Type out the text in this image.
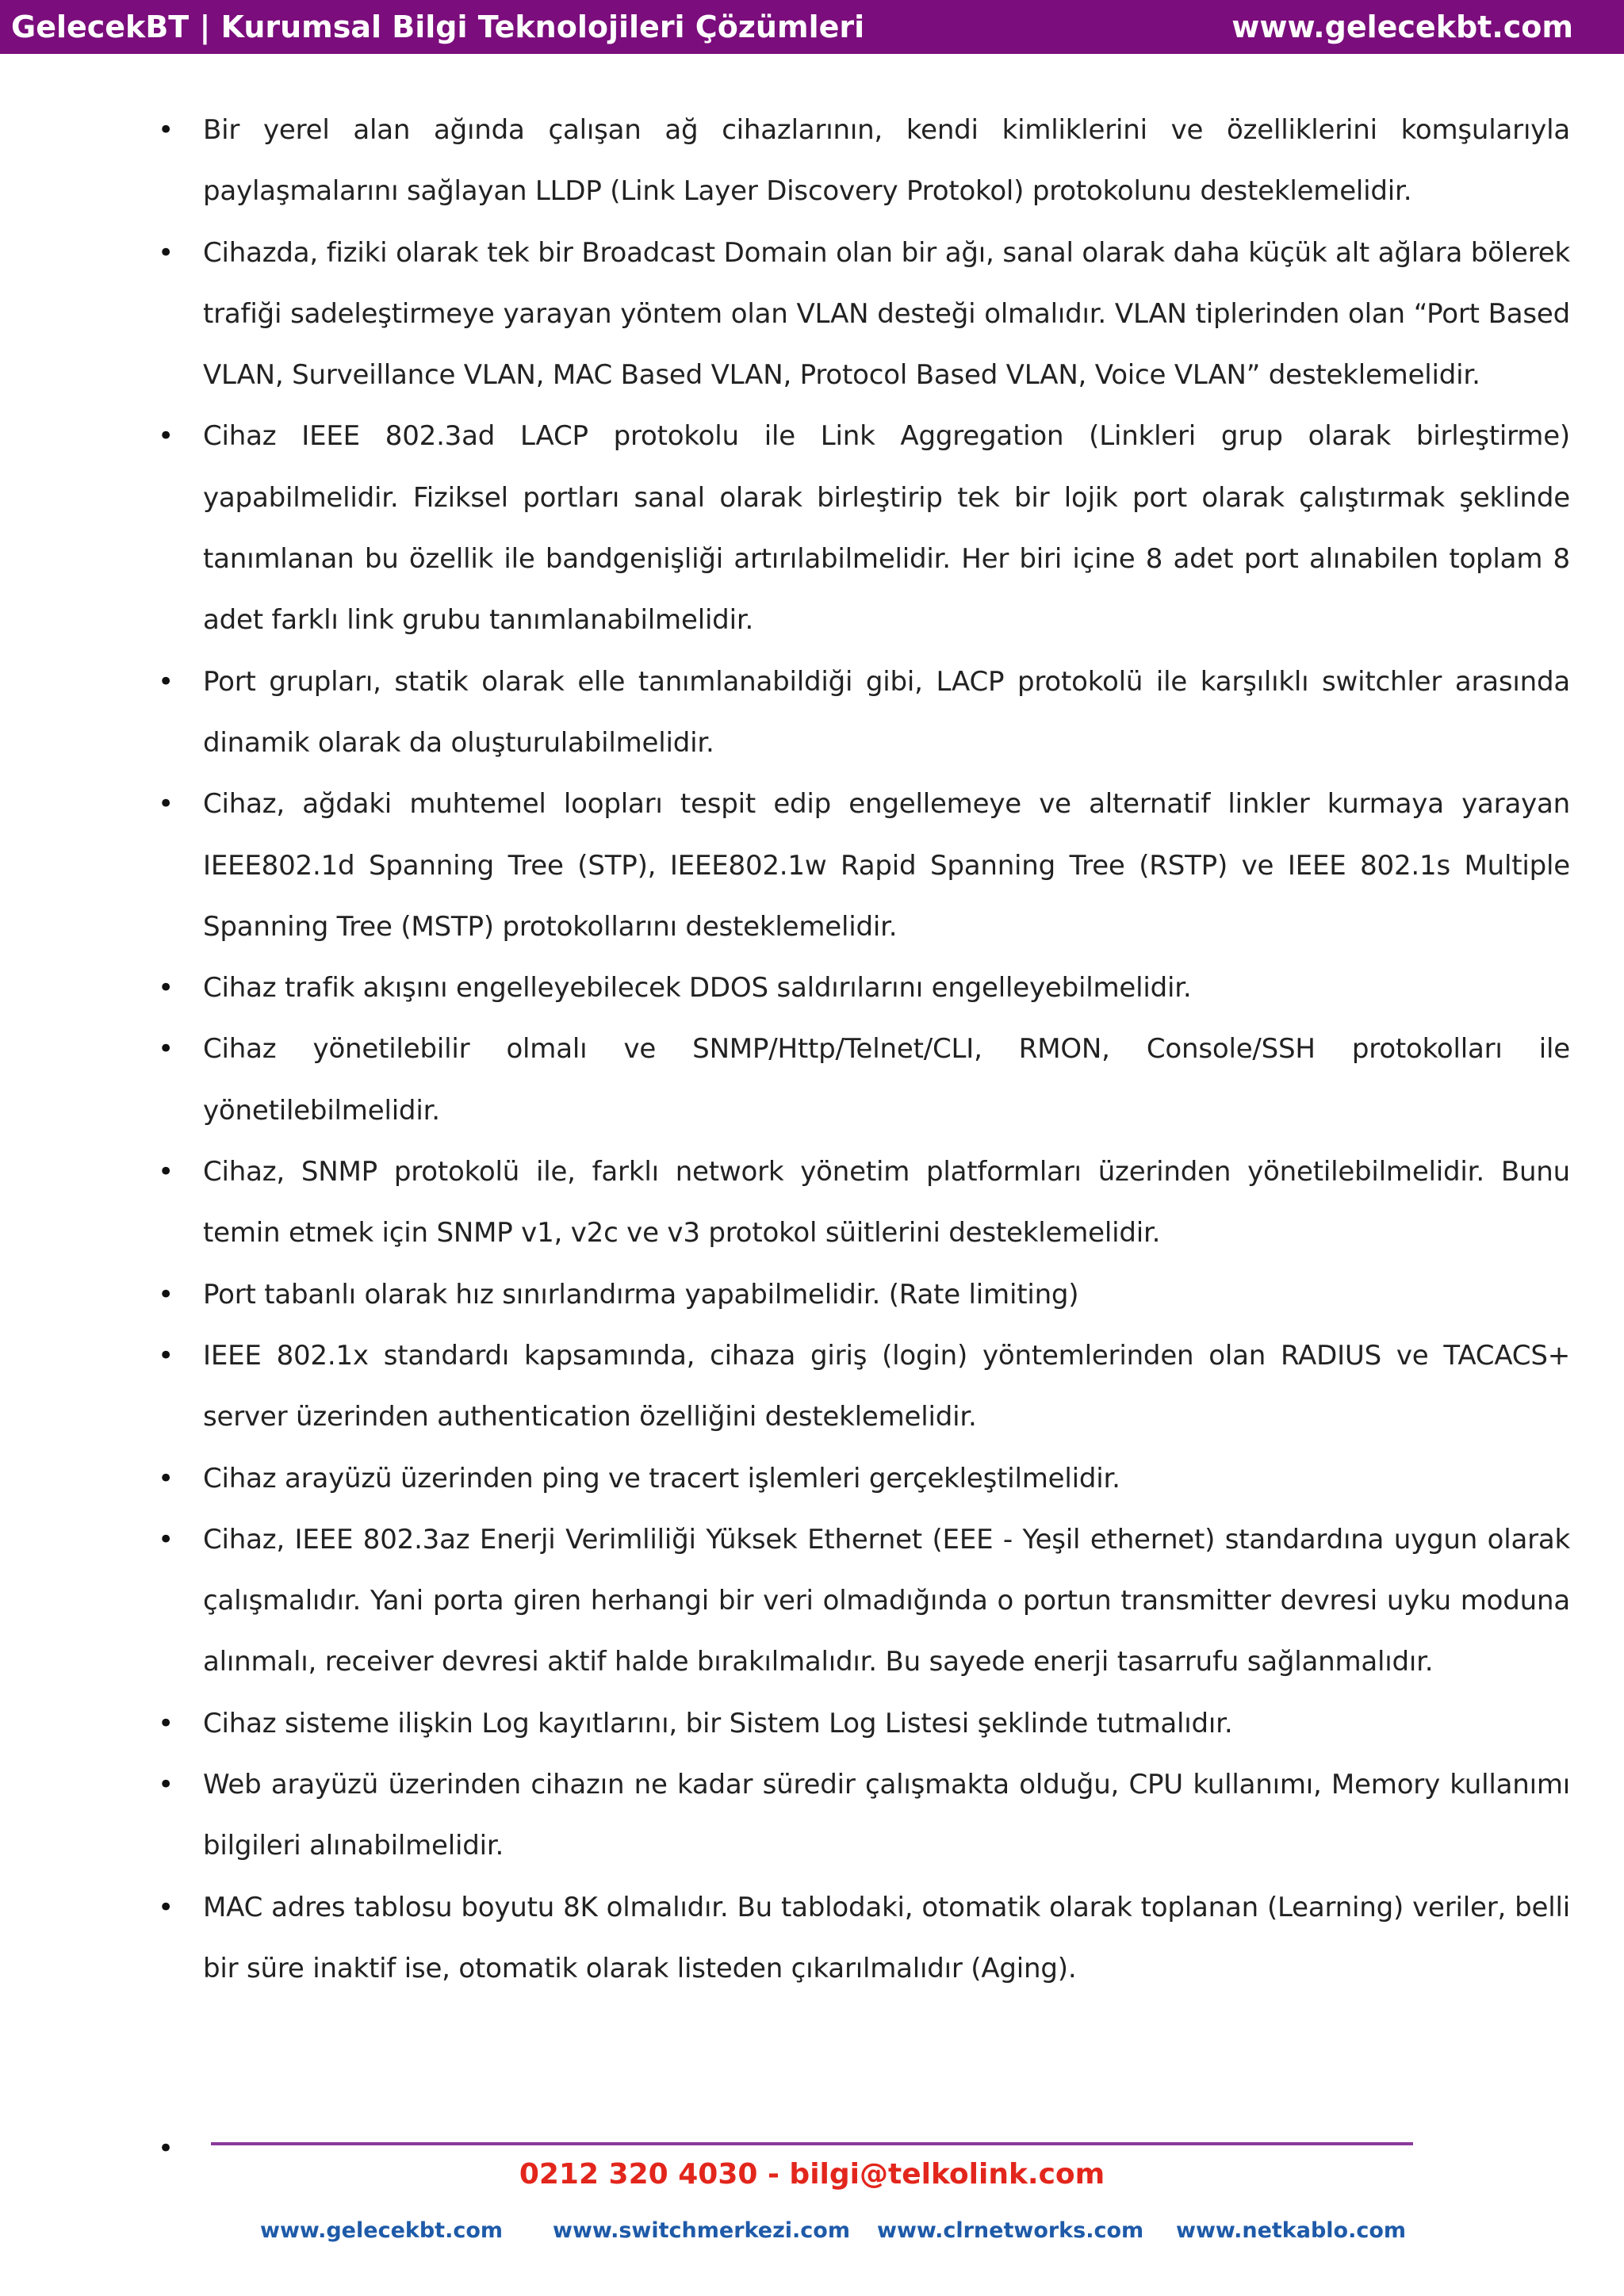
GelecekBT | Kurumsal Bilgi Teknolojileri Çözümleri	www.gelecekbt.com
• Bir yerel alan ağında çalışan ağ cihazlarının, kendi kimliklerini ve özelliklerini komşularıyla paylaşmalarını sağlayan LLDP (Link Layer Discovery Protokol) protokolunu desteklemelidir.
• Cihazda, fiziki olarak tek bir Broadcast Domain olan bir ağı, sanal olarak daha küçük alt ağlara bölerek trafiği sadeleştirmeye yarayan yöntem olan VLAN desteği olmalıdır. VLAN tiplerinden olan “Port Based VLAN, Surveillance VLAN, MAC Based VLAN, Protocol Based VLAN, Voice VLAN” desteklemelidir.
• Cihaz IEEE 802.3ad LACP protokolu ile Link Aggregation (Linkleri grup olarak birleştirme) yapabilmelidir. Fiziksel portları sanal olarak birleştirip tek bir lojik port olarak çalıştırmak şeklinde tanımlanan bu özellik ile bandgenişliği artırılabilmelidir. Her biri içine 8 adet port alınabilen toplam 8 adet farklı link grubu tanımlanabilmelidir.
• Port grupları, statik olarak elle tanımlanabildiği gibi, LACP protokolü ile karşılıklı switchler arasında dinamik olarak da oluşturulabilmelidir.
• Cihaz, ağdaki muhtemel loopları tespit edip engellemeye ve alternatif linkler kurmaya yarayan IEEE802.1d Spanning Tree (STP), IEEE802.1w Rapid Spanning Tree (RSTP) ve IEEE 802.1s Multiple Spanning Tree (MSTP) protokollarını desteklemelidir.
• Cihaz trafik akışını engelleyebilecek DDOS saldırılarını engelleyebilmelidir.
• Cihaz yönetilebilir olmalı ve SNMP/Http/Telnet/CLI, RMON, Console/SSH protokolları ile yönetilebilmelidir.
• Cihaz, SNMP protokolü ile, farklı network yönetim platformları üzerinden yönetilebilmelidir. Bunu temin etmek için SNMP v1, v2c ve v3 protokol süitlerini desteklemelidir.
• Port tabanlı olarak hız sınırlandırma yapabilmelidir. (Rate limiting)
• IEEE 802.1x standardı kapsamında, cihaza giriş (login) yöntemlerinden olan RADIUS ve TACACS+ server üzerinden authentication özelliğini desteklemelidir.
• Cihaz arayüzü üzerinden ping ve tracert işlemleri gerçekleştilmelidir.
• Cihaz, IEEE 802.3az Enerji Verimliliği Yüksek Ethernet (EEE - Yeşil ethernet) standardına uygun olarak çalışmalıdır. Yani porta giren herhangi bir veri olmadığında o portun transmitter devresi uyku moduna alınmalı, receiver devresi aktif halde bırakılmalıdır. Bu sayede enerji tasarrufu sağlanmalıdır.
• Cihaz sisteme ilişkin Log kayıtlarını, bir Sistem Log Listesi şeklinde tutmalıdır.
• Web arayüzü üzerinden cihazın ne kadar süredir çalışmakta olduğu, CPU kullanımı, Memory kullanımı bilgileri alınabilmelidir.
• MAC adres tablosu boyutu 8K olmalıdır. Bu tablodaki, otomatik olarak toplanan (Learning) veriler, belli bir süre inaktif ise, otomatik olarak listeden çıkarılmalıdır (Aging).
•
0212 320 4030 - bilgi@telkolink.com
www.gelecekbt.com www.switchmerkezi.com www.clrnetworks.com www.netkablo.com
